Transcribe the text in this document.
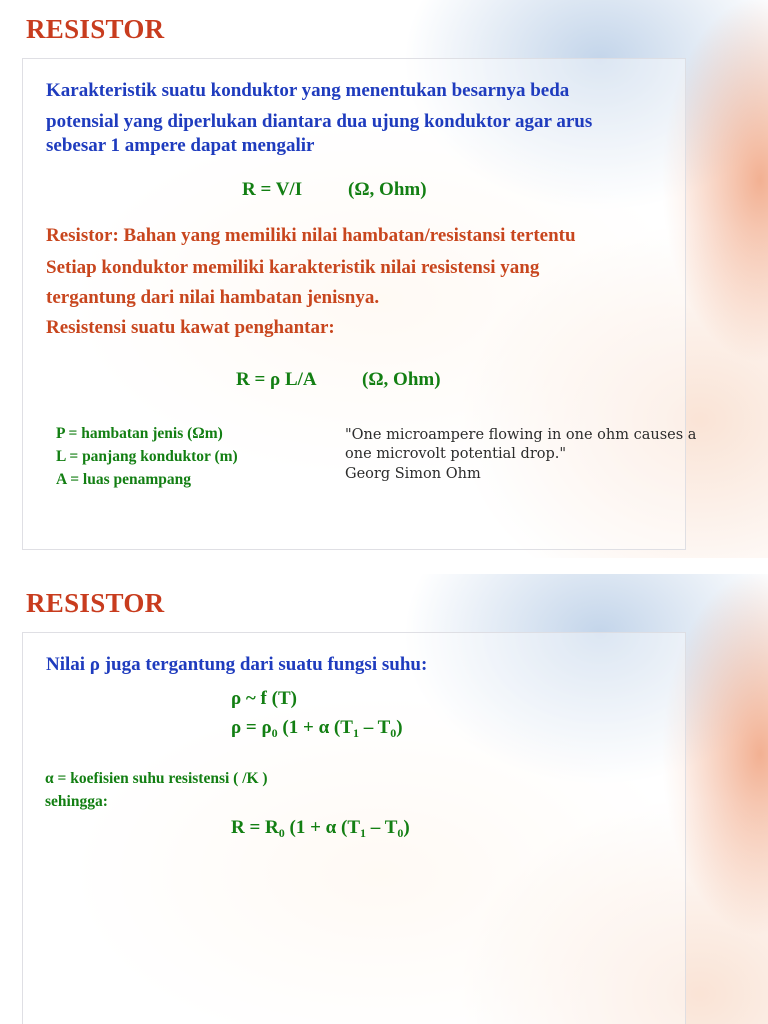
RESISTOR

Karakteristik suatu konduktor yang menentukan besarnya beda

potensial yang diperlukan diantara dua ujung konduktor agar arus

sebesar 1 ampere dapat mengalir

R = V/I (Ω, Ohm)

Resistor: Bahan yang memiliki nilai hambatan/resistansi tertentu

Setiap konduktor memiliki karakteristik nilai resistensi yang

tergantung dari nilai hambatan jenisnya.

Resistensi suatu kawat penghantar:

R = ρ L/A (Ω, Ohm)

P = hambatan jenis (Ωm)

L = panjang konduktor (m)

A = luas penampang

"One microampere flowing in one ohm causes a

one microvolt potential drop."

Georg Simon Ohm

RESISTOR

Nilai ρ juga tergantung dari suatu fungsi suhu:

ρ ~ f (T)

$\rho = \rho_0$ (1 + α $(T_1 - T_0)$

α = koefisien suhu resistensi ( /K )

sehingga:

$R = R_0$ (1 + α $(T_1 - T_0)$
